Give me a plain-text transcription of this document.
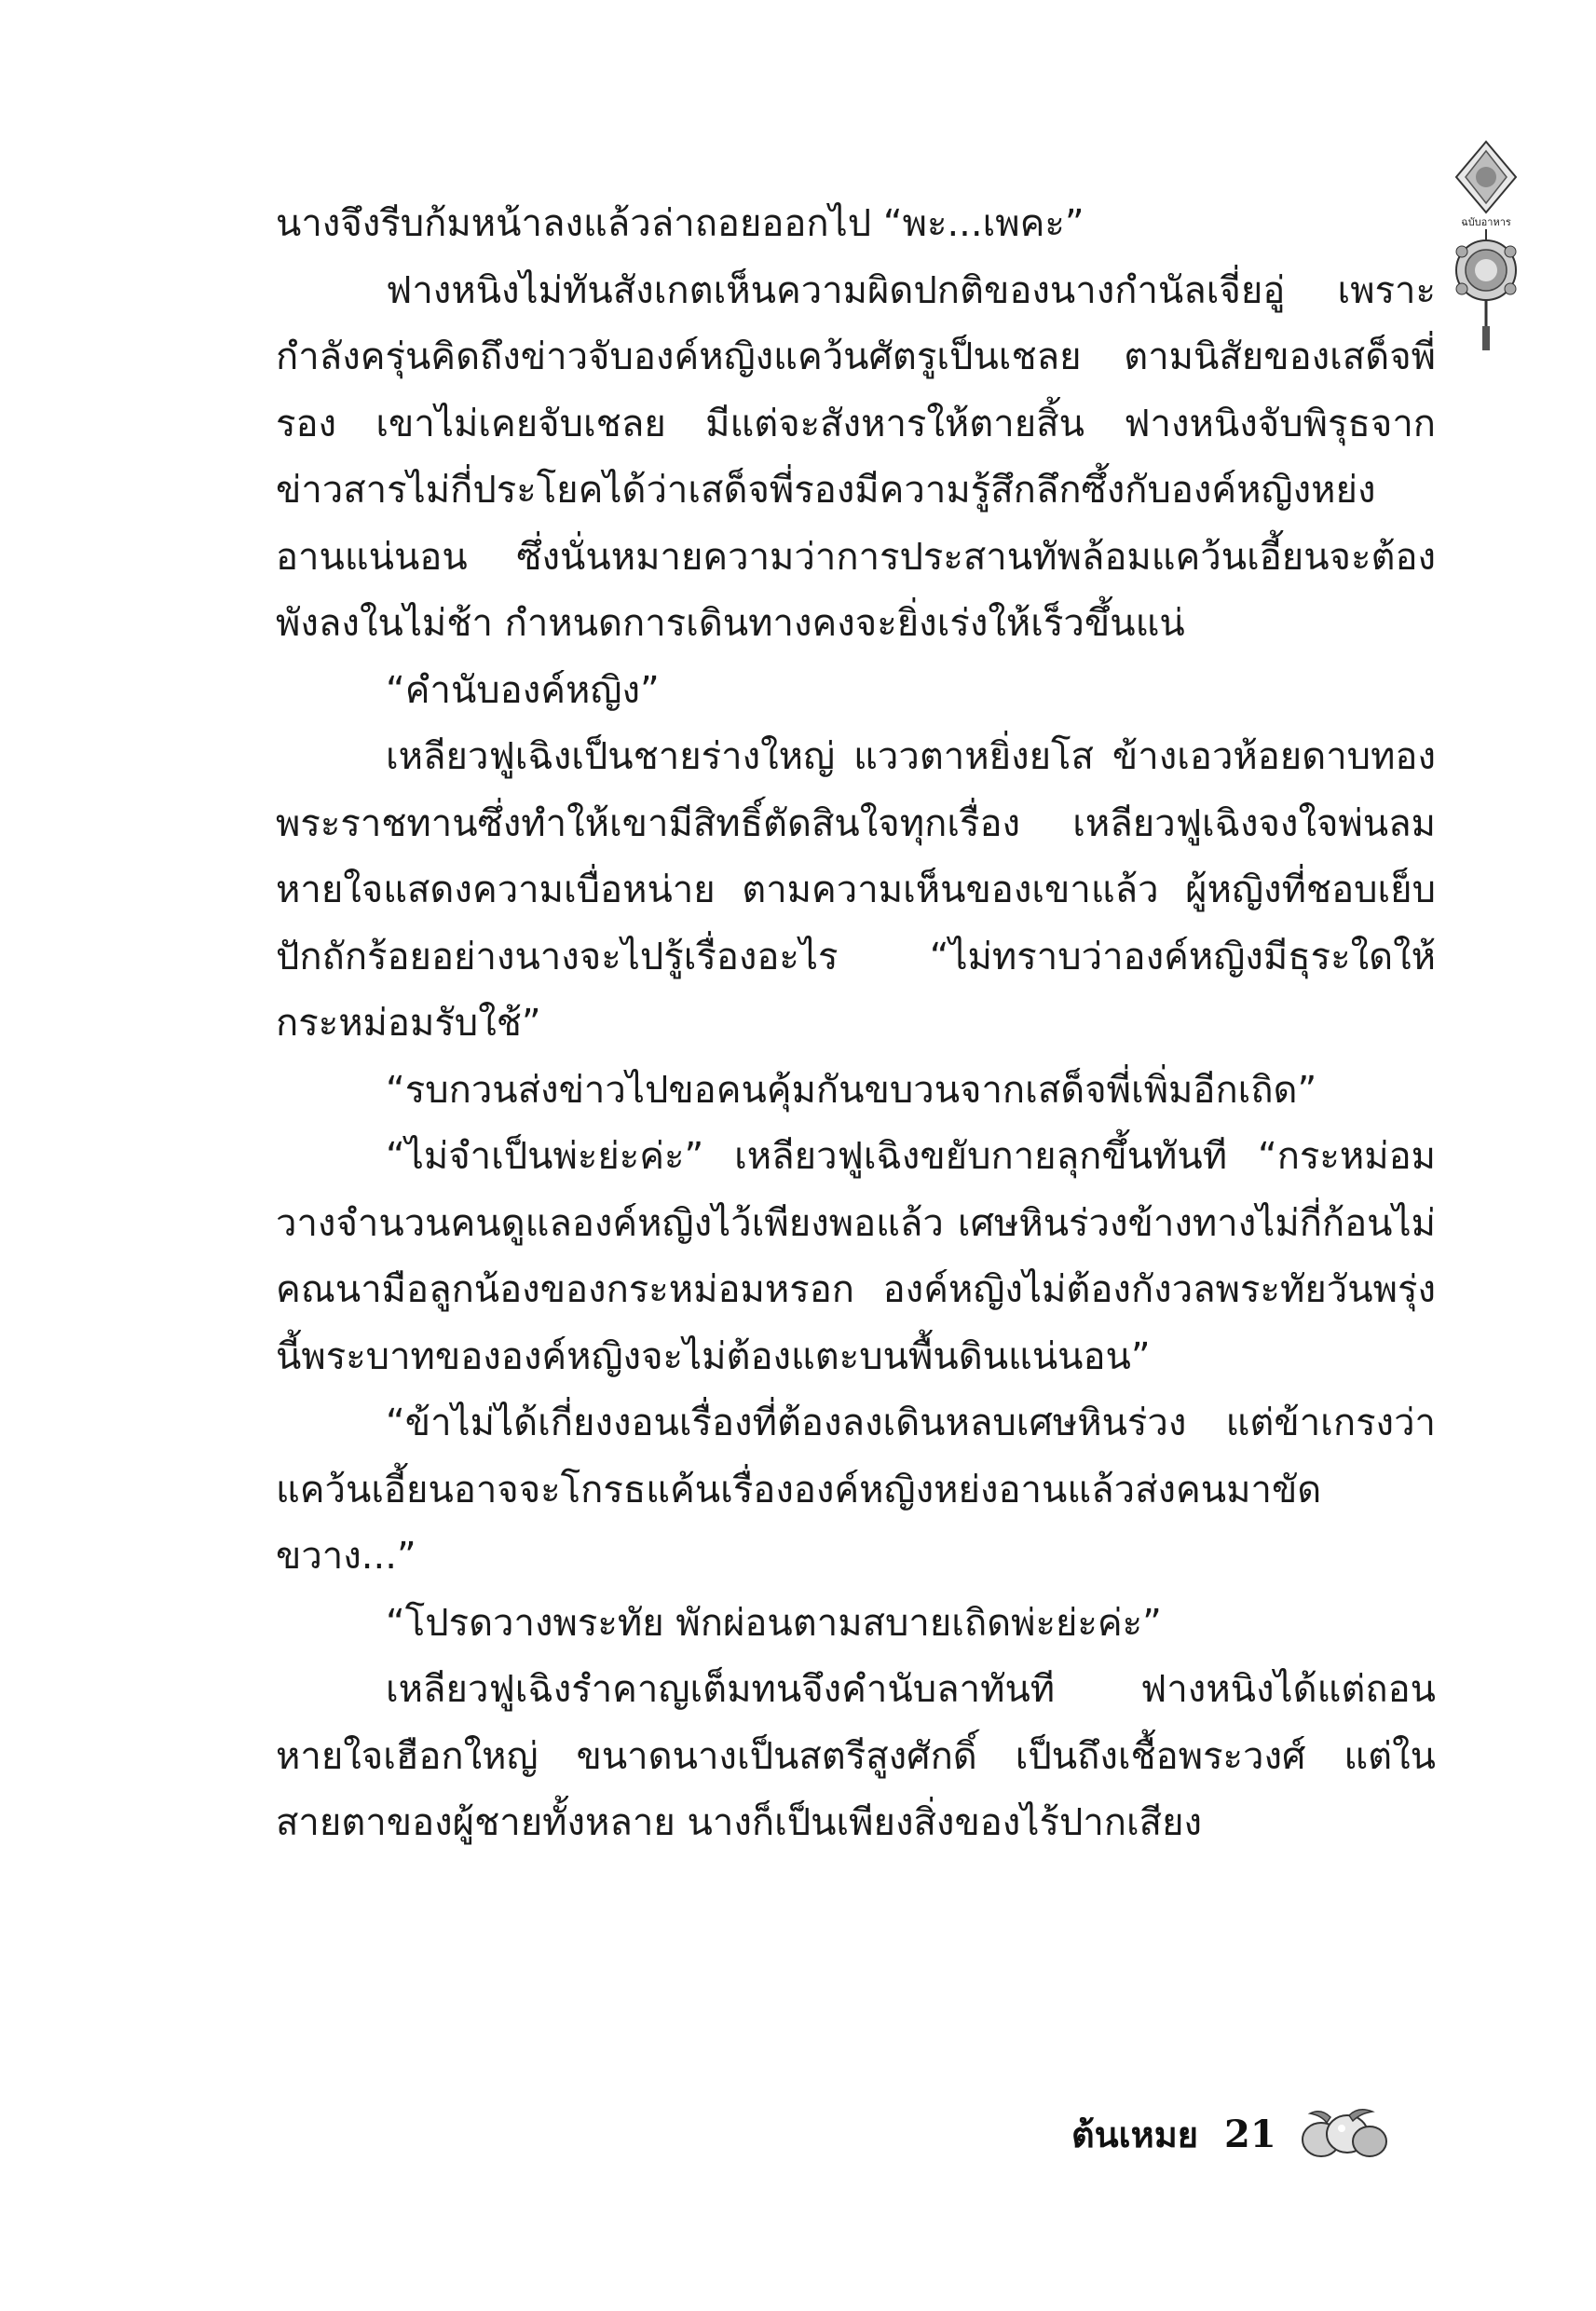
ฉบับอาหาร

นางจึงรีบก้มหน้าลงแล้วล่าถอยออกไป “พะ...เพคะ”

ฟางหนิงไม่ทันสังเกตเห็นความผิดปกติของนางกำนัลเจี่ยอู่ เพราะกำลังครุ่นคิดถึงข่าวจับองค์หญิงแคว้นศัตรูเป็นเชลย ตามนิสัยของเสด็จพี่รอง เขาไม่เคยจับเชลย มีแต่จะสังหารให้ตายสิ้น ฟางหนิงจับพิรุธจากข่าวสารไม่กี่ประโยคได้ว่าเสด็จพี่รองมีความรู้สึกลึกซึ้งกับองค์หญิงหย่งอานแน่นอน ซึ่งนั่นหมายความว่าการประสานทัพล้อมแคว้นเอี้ยนจะต้องพังลงในไม่ช้า กำหนดการเดินทางคงจะยิ่งเร่งให้เร็วขึ้นแน่

“คำนับองค์หญิง”

เหลียวฟูเฉิงเป็นชายร่างใหญ่ แววตาหยิ่งยโส ข้างเอวห้อยดาบทองพระราชทานซึ่งทำให้เขามีสิทธิ์ตัดสินใจทุกเรื่อง เหลียวฟูเฉิงจงใจพ่นลมหายใจแสดงความเบื่อหน่าย ตามความเห็นของเขาแล้ว ผู้หญิงที่ชอบเย็บปักถักร้อยอย่างนางจะไปรู้เรื่องอะไร “ไม่ทราบว่าองค์หญิงมีธุระใดให้กระหม่อมรับใช้”

“รบกวนส่งข่าวไปขอคนคุ้มกันขบวนจากเสด็จพี่เพิ่มอีกเถิด”

“ไม่จำเป็นพ่ะย่ะค่ะ” เหลียวฟูเฉิงขยับกายลุกขึ้นทันที “กระหม่อมวางจำนวนคนดูแลองค์หญิงไว้เพียงพอแล้ว เศษหินร่วงข้างทางไม่กี่ก้อนไม่คณนามือลูกน้องของกระหม่อมหรอก องค์หญิงไม่ต้องกังวลพระทัยวันพรุ่งนี้พระบาทขององค์หญิงจะไม่ต้องแตะบนพื้นดินแน่นอน”

“ข้าไม่ได้เกี่ยงงอนเรื่องที่ต้องลงเดินหลบเศษหินร่วง แต่ข้าเกรงว่าแคว้นเอี้ยนอาจจะโกรธแค้นเรื่ององค์หญิงหย่งอานแล้วส่งคนมาขัดขวาง...”

“โปรดวางพระทัย พักผ่อนตามสบายเถิดพ่ะย่ะค่ะ”

เหลียวฟูเฉิงรำคาญเต็มทนจึงคำนับลาทันที ฟางหนิงได้แต่ถอนหายใจเฮือกใหญ่ ขนาดนางเป็นสตรีสูงศักดิ์ เป็นถึงเชื้อพระวงศ์ แต่ในสายตาของผู้ชายทั้งหลาย นางก็เป็นเพียงสิ่งของไร้ปากเสียง

ต้นเหมย 21
